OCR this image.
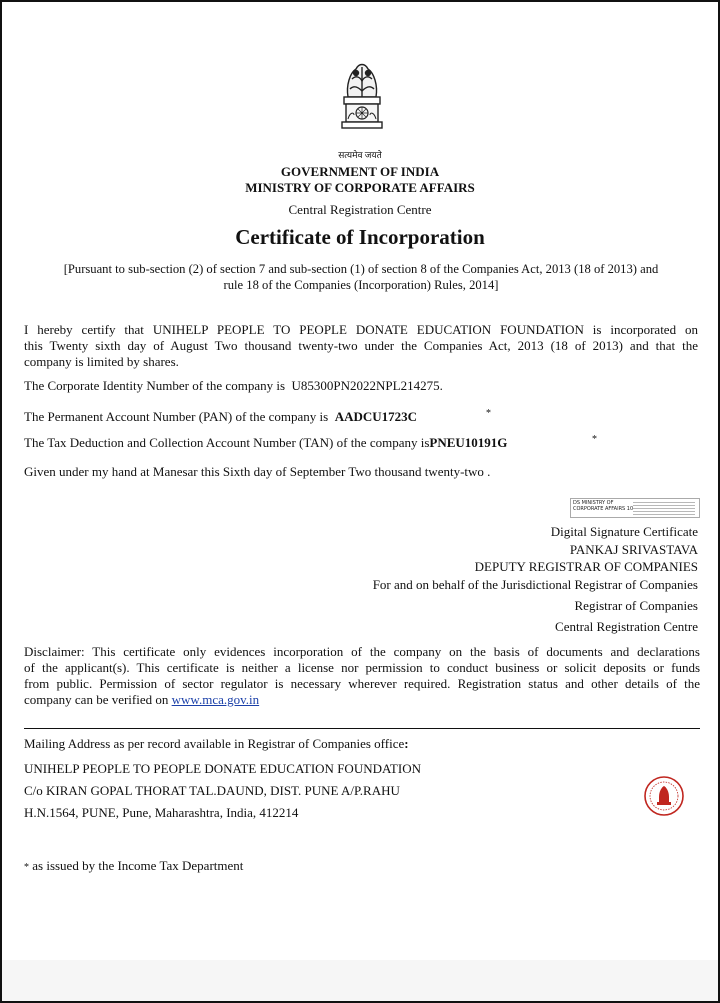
सत्यमेव जयते
GOVERNMENT OF INDIA
MINISTRY OF CORPORATE AFFAIRS
Central Registration Centre
Certificate of Incorporation
[Pursuant to sub-section (2) of section 7 and sub-section (1) of section 8 of the Companies Act, 2013 (18 of 2013) and
rule 18 of the Companies (Incorporation) Rules, 2014]
I hereby certify that UNIHELP PEOPLE TO PEOPLE DONATE EDUCATION FOUNDATION is incorporated on
this Twenty sixth day of August Two thousand twenty-two under the Companies Act, 2013 (18 of 2013) and that the
company is limited by shares.
The Corporate Identity Number of the company is U85300PN2022NPL214275.
The Permanent Account Number (PAN) of the company is AADCU1723C	*
The Tax Deduction and Collection Account Number (TAN) of the company isPNEU10191G	*
Given under my hand at Manesar this Sixth day of September Two thousand twenty-two .
DS MINISTRY OF
CORPORATE AFFAIRS 10
Digital Signature Certificate
PANKAJ SRIVASTAVA
DEPUTY REGISTRAR OF COMPANIES
For and on behalf of the Jurisdictional Registrar of Companies
Registrar of Companies
Central Registration Centre
Disclaimer: This certificate only evidences incorporation of the company on the basis of documents and declarations
of the applicant(s). This certificate is neither a license nor permission to conduct business or solicit deposits or funds
from public. Permission of sector regulator is necessary wherever required. Registration status and other details of the
company can be verified on www.mca.gov.in
Mailing Address as per record available in Registrar of Companies office:
UNIHELP PEOPLE TO PEOPLE DONATE EDUCATION FOUNDATION
C/o KIRAN GOPAL THORAT TAL.DAUND, DIST. PUNE A/P.RAHU
H.N.1564, PUNE, Pune, Maharashtra, India, 412214
* as issued by the Income Tax Department
